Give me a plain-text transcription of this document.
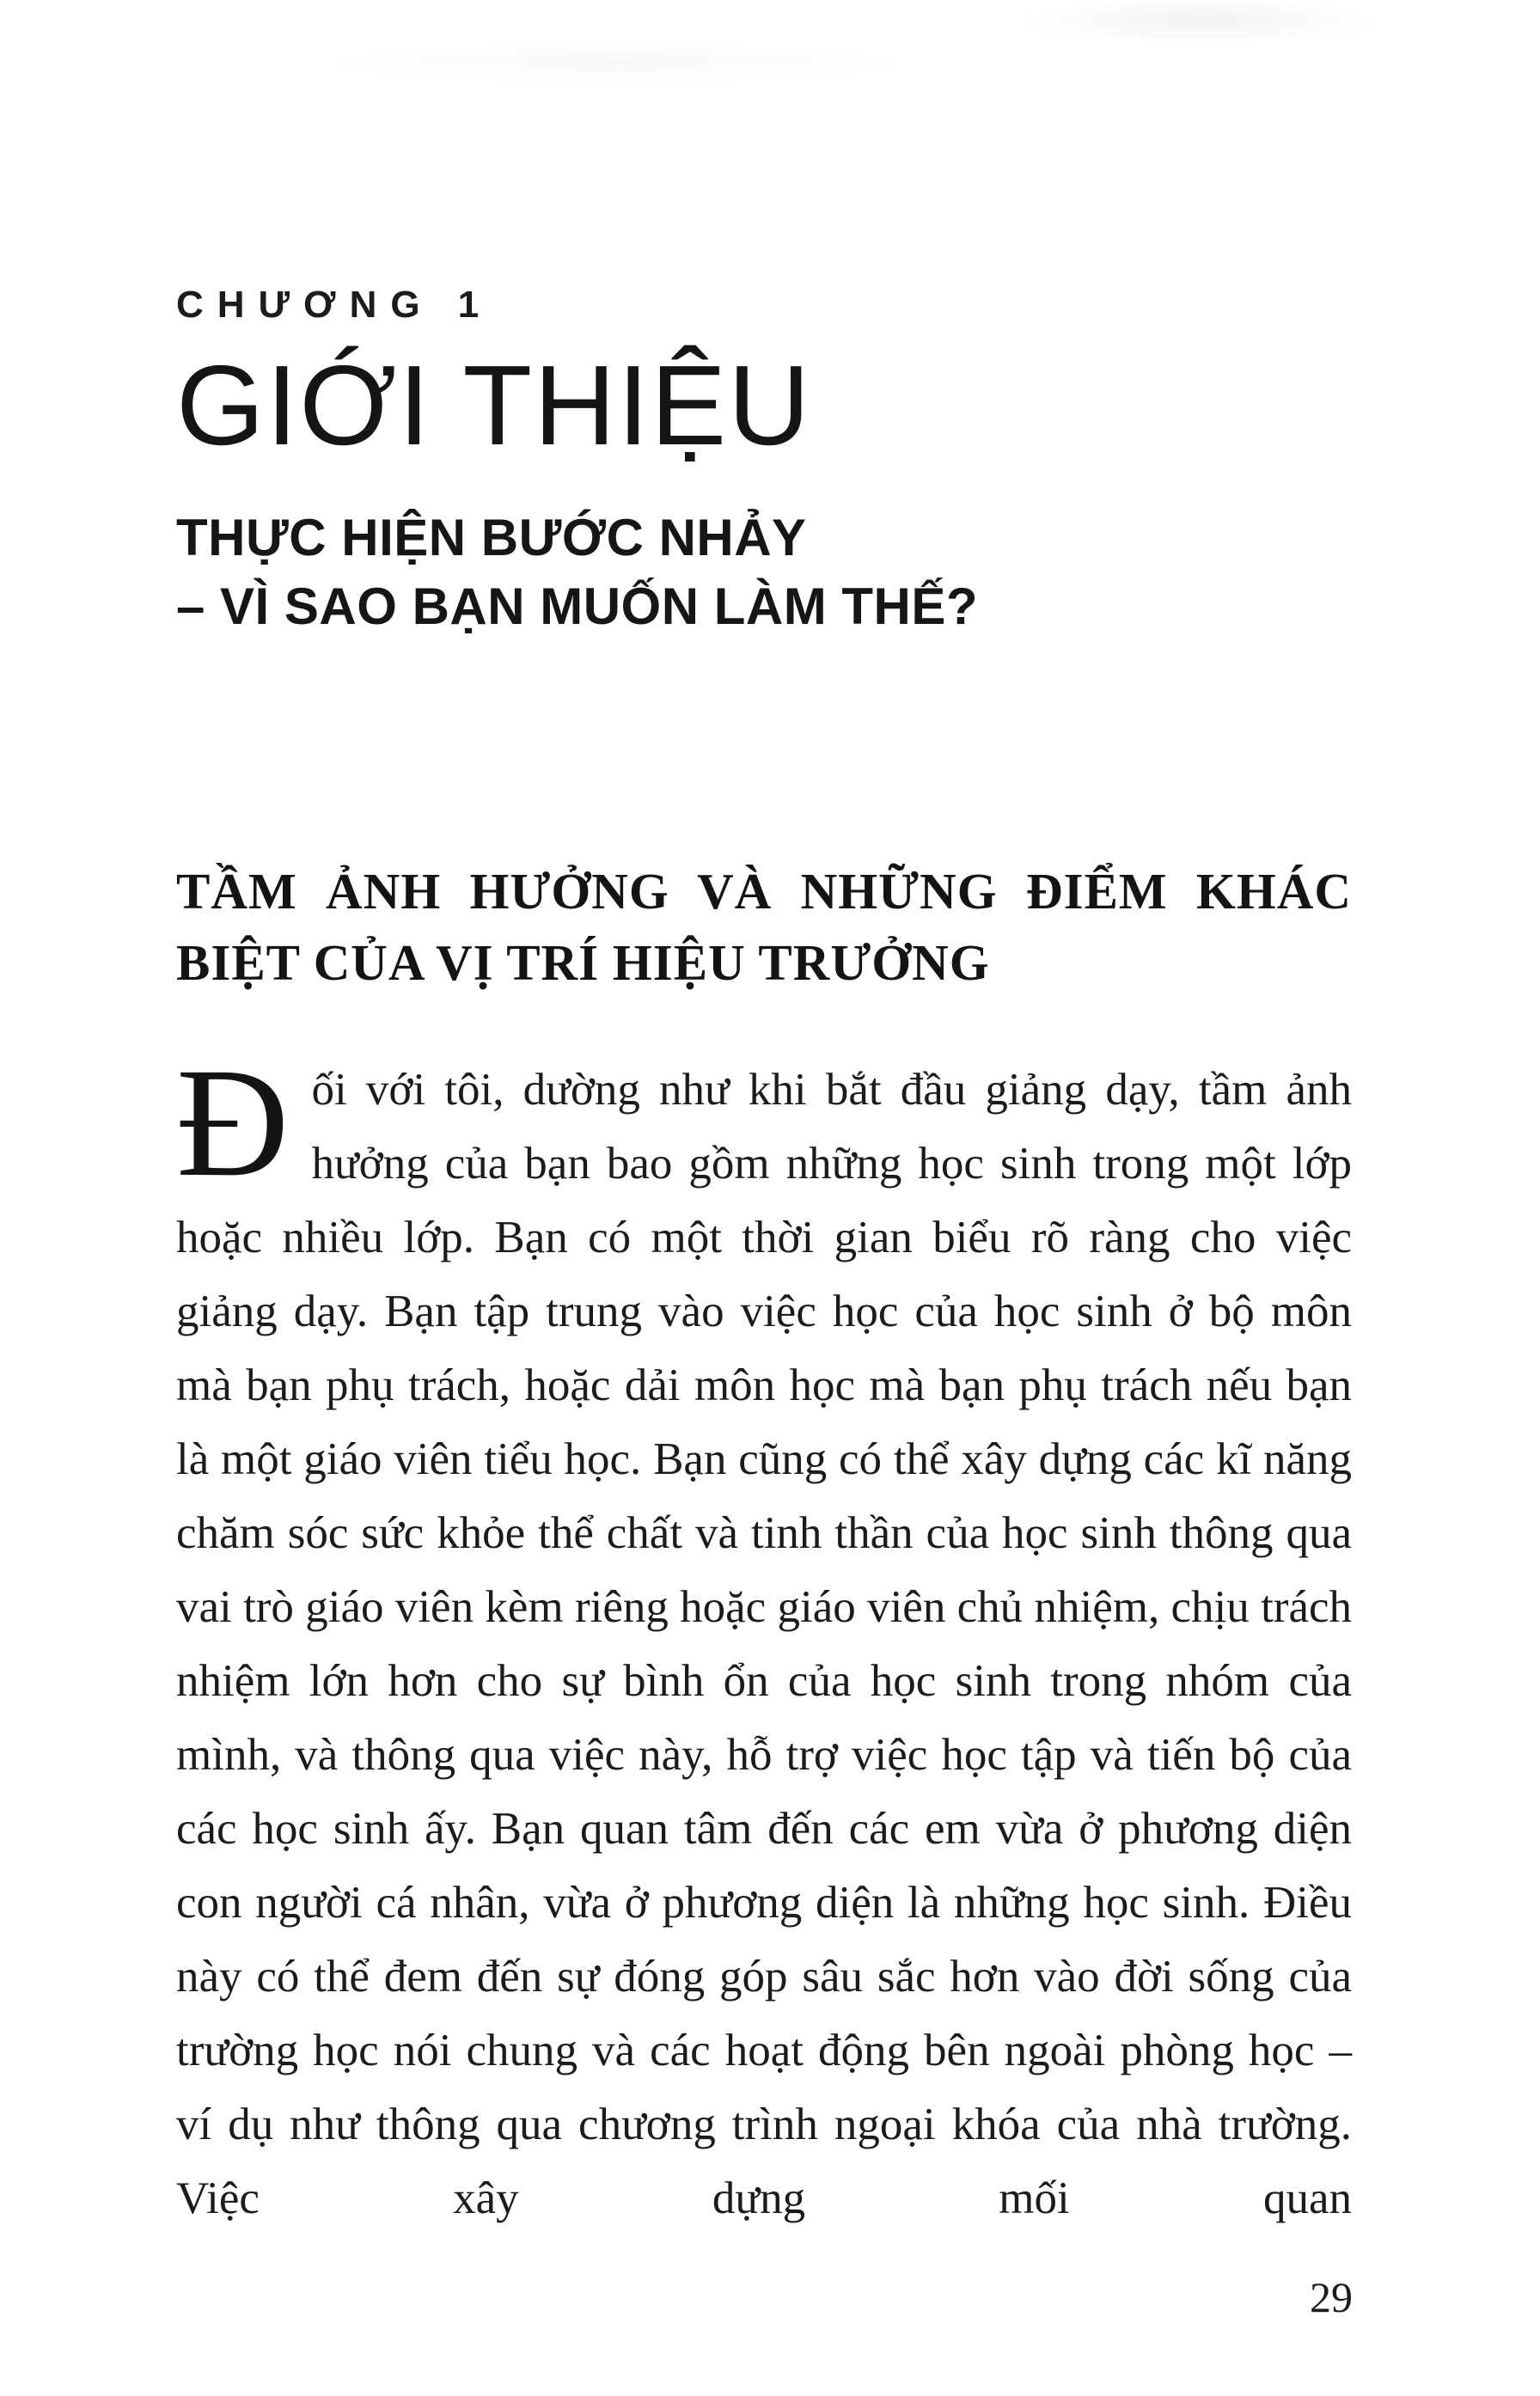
CHƯƠNG 1
GIỚI THIỆU
THỰC HIỆN BƯỚC NHẢY
– VÌ SAO BẠN MUỐN LÀM THẾ?
TẦM ẢNH HƯỞNG VÀ NHỮNG ĐIỂM KHÁC BIỆT CỦA VỊ TRÍ HIỆU TRƯỞNG

Đối với tôi, dường như khi bắt đầu giảng dạy, tầm ảnh hưởng của bạn bao gồm những học sinh trong một lớp hoặc nhiều lớp. Bạn có một thời gian biểu rõ ràng cho việc giảng dạy. Bạn tập trung vào việc học của học sinh ở bộ môn mà bạn phụ trách, hoặc dải môn học mà bạn phụ trách nếu bạn là một giáo viên tiểu học. Bạn cũng có thể xây dựng các kĩ năng chăm sóc sức khỏe thể chất và tinh thần của học sinh thông qua vai trò giáo viên kèm riêng hoặc giáo viên chủ nhiệm, chịu trách nhiệm lớn hơn cho sự bình ổn của học sinh trong nhóm của mình, và thông qua việc này, hỗ trợ việc học tập và tiến bộ của các học sinh ấy. Bạn quan tâm đến các em vừa ở phương diện con người cá nhân, vừa ở phương diện là những học sinh. Điều này có thể đem đến sự đóng góp sâu sắc hơn vào đời sống của trường học nói chung và các hoạt động bên ngoài phòng học – ví dụ như thông qua chương trình ngoại khóa của nhà trường. Việc xây dựng mối quan

29
